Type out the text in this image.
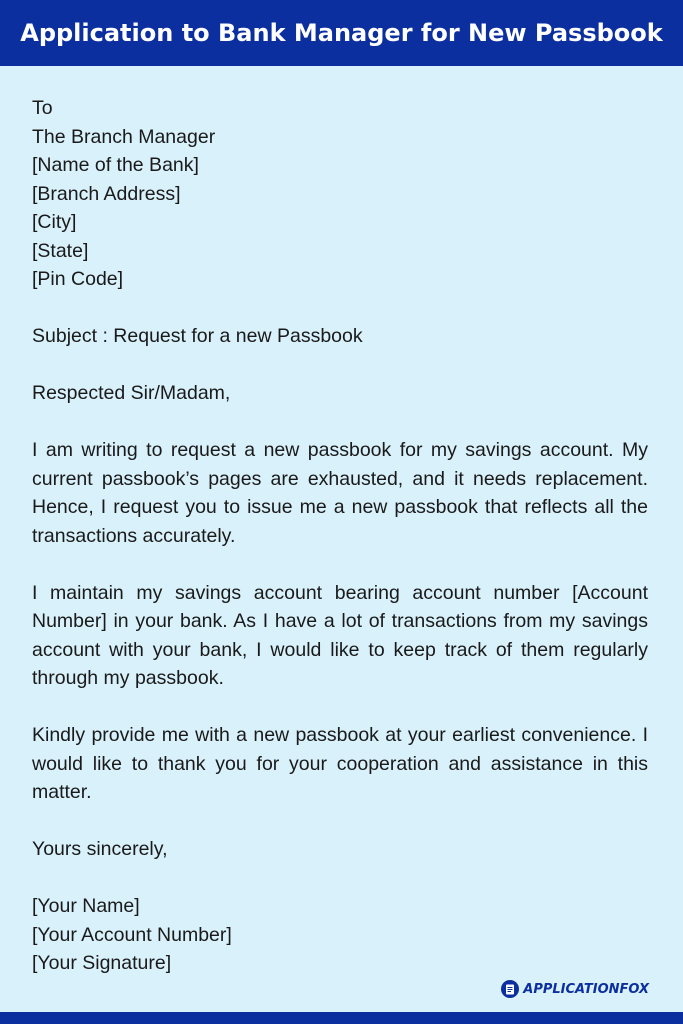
Application to Bank Manager for New Passbook

To

The Branch Manager

[Name of the Bank]

[Branch Address]

[City]

[State]

[Pin Code]

Subject : Request for a new Passbook

Respected Sir/Madam,

I am writing to request a new passbook for my savings account. My current passbook’s pages are exhausted, and it needs replacement. Hence, I request you to issue me a new passbook that reflects all the transactions accurately.

I maintain my savings account bearing account number [Account Number] in your bank. As I have a lot of transactions from my savings account with your bank, I would like to keep track of them regularly through my passbook.

Kindly provide me with a new passbook at your earliest convenience. I would like to thank you for your cooperation and assistance in this matter.

Yours sincerely,

[Your Name]

[Your Account Number]

[Your Signature]

APPLICATIONFOX
